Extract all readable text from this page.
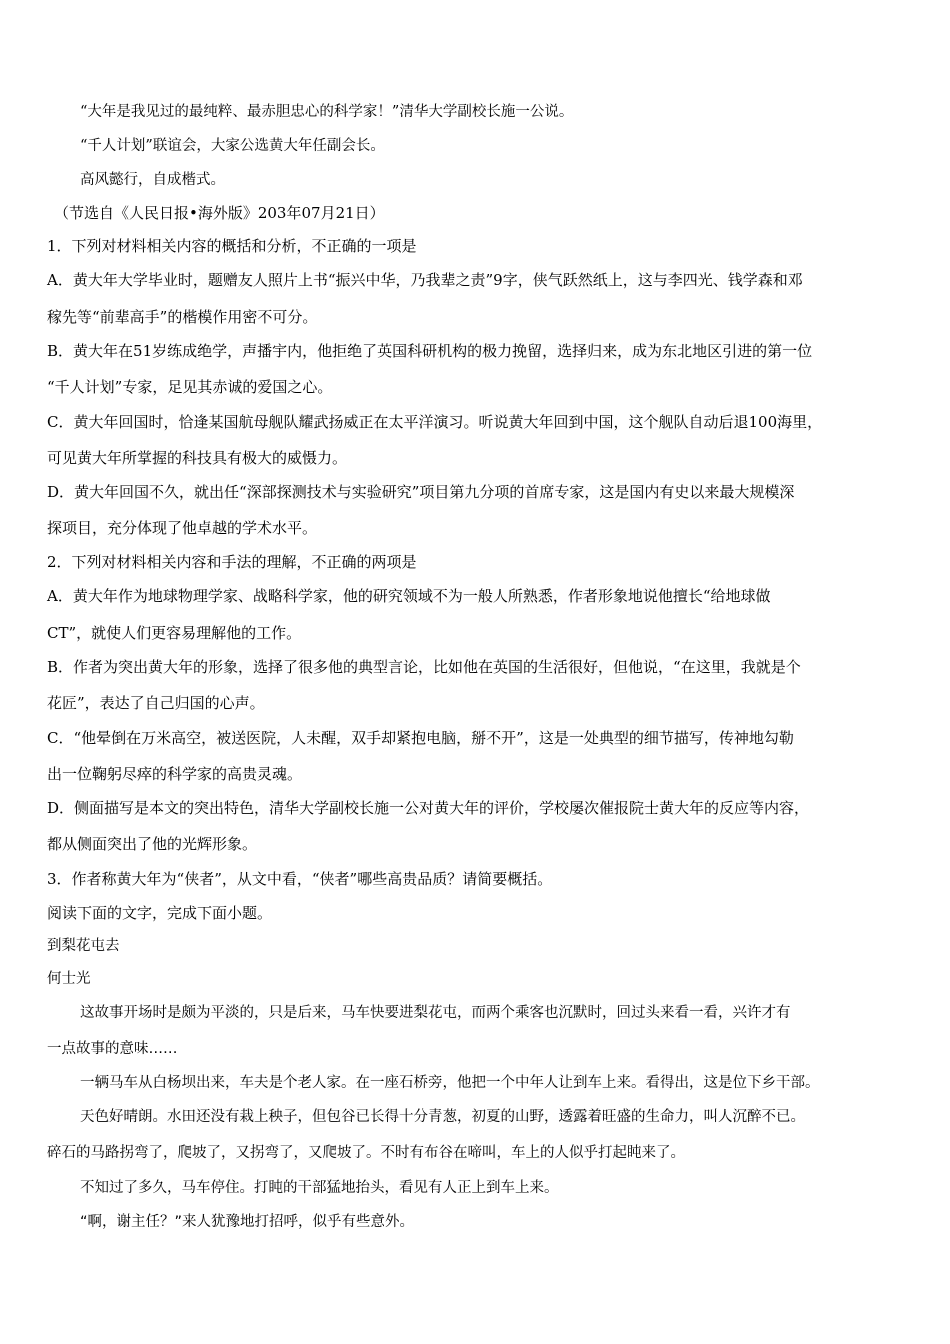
“大年是我见过的最纯粹、最赤胆忠心的科学家！”清华大学副校长施一公说。
“千人计划”联谊会，大家公选黄大年任副会长。
高风懿行，自成楷式。
（节选自《人民日报•海外版》203年07月21日）
1．下列对材料相关内容的概括和分析，不正确的一项是
A．黄大年大学毕业时，题赠友人照片上书“振兴中华，乃我辈之责”9字，侠气跃然纸上，这与李四光、钱学森和邓
稼先等“前辈高手”的楷模作用密不可分。
B．黄大年在51岁练成绝学，声播宇内，他拒绝了英国科研机构的极力挽留，选择归来，成为东北地区引进的第一位
“千人计划”专家，足见其赤诚的爱国之心。
C．黄大年回国时，恰逢某国航母舰队耀武扬威正在太平洋演习。听说黄大年回到中国，这个舰队自动后退100海里，
可见黄大年所掌握的科技具有极大的威慑力。
D．黄大年回国不久，就出任“深部探测技术与实验研究”项目第九分项的首席专家，这是国内有史以来最大规模深
探项目，充分体现了他卓越的学术水平。
2．下列对材料相关内容和手法的理解，不正确的两项是
A．黄大年作为地球物理学家、战略科学家，他的研究领域不为一般人所熟悉，作者形象地说他擅长“给地球做
CT”，就使人们更容易理解他的工作。
B．作者为突出黄大年的形象，选择了很多他的典型言论，比如他在英国的生活很好，但他说，“在这里，我就是个
花匠”，表达了自己归国的心声。
C．“他晕倒在万米高空，被送医院，人未醒，双手却紧抱电脑，掰不开”，这是一处典型的细节描写，传神地勾勒
出一位鞠躬尽瘁的科学家的高贵灵魂。
D．侧面描写是本文的突出特色，清华大学副校长施一公对黄大年的评价，学校屡次催报院士黄大年的反应等内容，
都从侧面突出了他的光辉形象。
3．作者称黄大年为“侠者”，从文中看，“侠者”哪些高贵品质？请简要概括。
阅读下面的文字，完成下面小题。
到梨花屯去
何士光
这故事开场时是颇为平淡的，只是后来，马车快要进梨花屯，而两个乘客也沉默时，回过头来看一看，兴许才有
一点故事的意味……
一辆马车从白杨坝出来，车夫是个老人家。在一座石桥旁，他把一个中年人让到车上来。看得出，这是位下乡干部。
天色好晴朗。水田还没有栽上秧子，但包谷已长得十分青葱，初夏的山野，透露着旺盛的生命力，叫人沉醉不已。
碎石的马路拐弯了，爬坡了，又拐弯了，又爬坡了。不时有布谷在啼叫，车上的人似乎打起盹来了。
不知过了多久，马车停住。打盹的干部猛地抬头，看见有人正上到车上来。
“啊，谢主任？”来人犹豫地打招呼，似乎有些意外。
